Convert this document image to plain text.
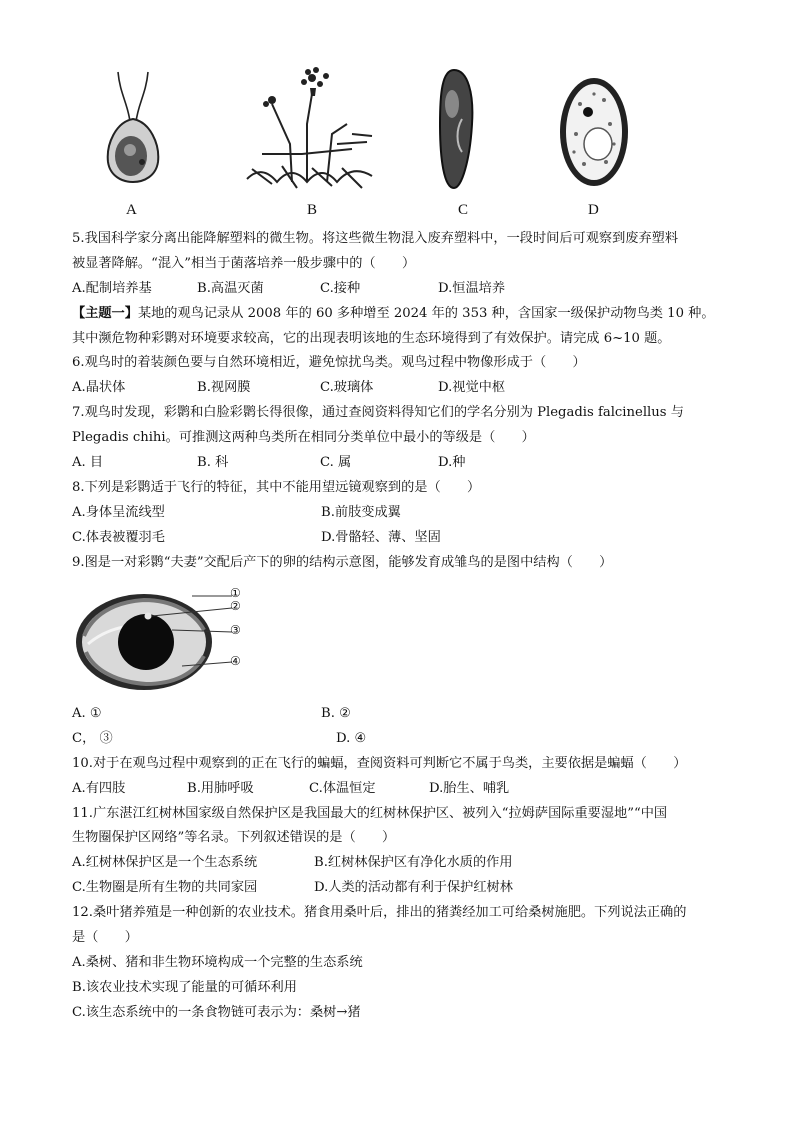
A	B	C	D
5.我国科学家分离出能降解塑料的微生物。将这些微生物混入废弃塑料中，一段时间后可观察到废弃塑料
被显著降解。“混入”相当于菌落培养一般步骤中的（　　）
A.配制培养基	B.高温灭菌	C.接种	D.恒温培养
【主题一】某地的观鸟记录从 2008 年的 60 多种增至 2024 年的 353 种，含国家一级保护动物鸟类 10 种。
其中濒危物种彩鹮对环境要求较高，它的出现表明该地的生态环境得到了有效保护。请完成 6~10 题。
6.观鸟时的着装颜色要与自然环境相近，避免惊扰鸟类。观鸟过程中物像形成于（　　）
A.晶状体	B.视网膜	C.玻璃体	D.视觉中枢
7.观鸟时发现，彩鹮和白脸彩鹮长得很像，通过查阅资料得知它们的学名分别为 Plegadis falcinellus 与
Plegadis chihi。可推测这两种鸟类所在相同分类单位中最小的等级是（　　）
A. 目	B. 科	C. 属	D.种
8.下列是彩鹮适于飞行的特征，其中不能用望远镜观察到的是（　　）
A.身体呈流线型	B.前肢变成翼
C.体表被覆羽毛	D.骨骼轻、薄、坚固
9.图是一对彩鹮“夫妻”交配后产下的卵的结构示意图，能够发育成雏鸟的是图中结构（　　）
①
②
③
④
A. ①	B. ②
C， ③	D. ④
10.对于在观鸟过程中观察到的正在飞行的蝙蝠，查阅资料可判断它不属于鸟类，主要依据是蝙蝠（　　）
A.有四肢	B.用肺呼吸	C.体温恒定	D.胎生、哺乳
11.广东湛江红树林国家级自然保护区是我国最大的红树林保护区、被列入“拉姆萨国际重要湿地”“中国
生物圈保护区网络”等名录。下列叙述错误的是（　　）
A.红树林保护区是一个生态系统	B.红树林保护区有净化水质的作用
C.生物圈是所有生物的共同家园	D.人类的活动都有利于保护红树林
12.桑叶猪养殖是一种创新的农业技术。猪食用桑叶后，排出的猪粪经加工可给桑树施肥。下列说法正确的
是（　　）
A.桑树、猪和非生物环境构成一个完整的生态系统
B.该农业技术实现了能量的可循环利用
C.该生态系统中的一条食物链可表示为：桑树→猪
